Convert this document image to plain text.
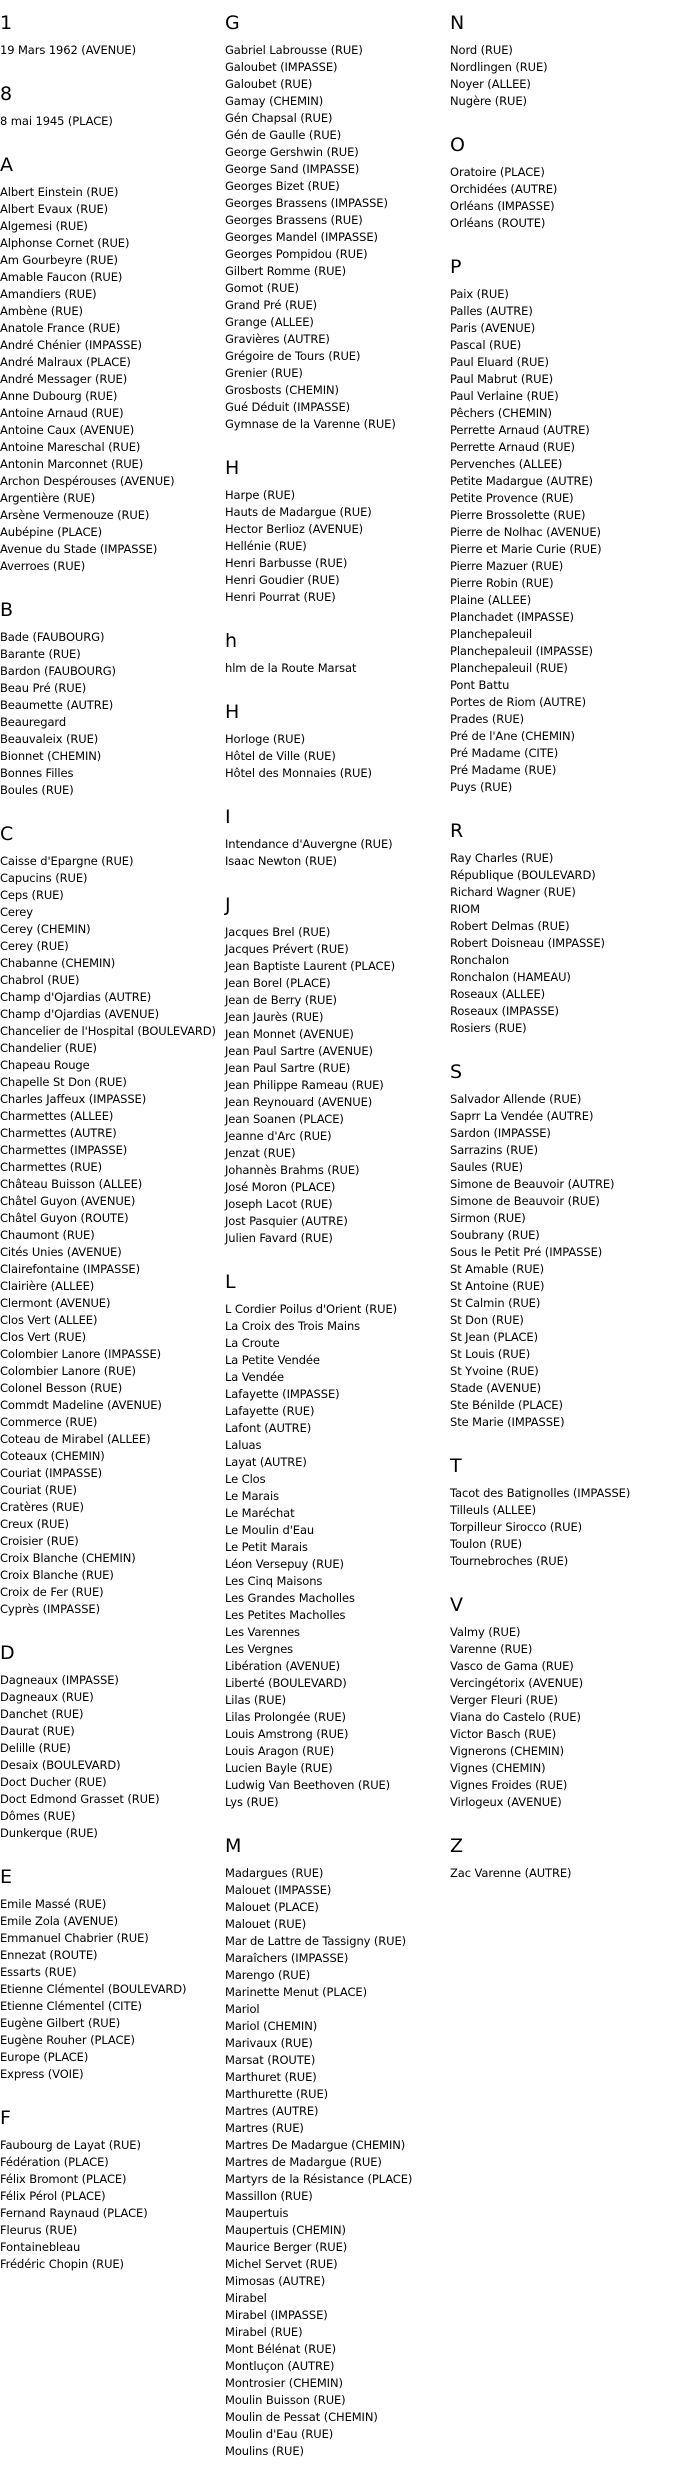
1
19 Mars 1962 (AVENUE)
8
8 mai 1945 (PLACE)
A
Albert Einstein (RUE)
Albert Evaux (RUE)
Algemesi (RUE)
Alphonse Cornet (RUE)
Am Gourbeyre (RUE)
Amable Faucon (RUE)
Amandiers (RUE)
Ambène (RUE)
Anatole France (RUE)
André Chénier (IMPASSE)
André Malraux (PLACE)
André Messager (RUE)
Anne Dubourg (RUE)
Antoine Arnaud (RUE)
Antoine Caux (AVENUE)
Antoine Mareschal (RUE)
Antonin Marconnet (RUE)
Archon Despérouses (AVENUE)
Argentière (RUE)
Arsène Vermenouze (RUE)
Aubépine (PLACE)
Avenue du Stade (IMPASSE)
Averroes (RUE)
B
Bade (FAUBOURG)
Barante (RUE)
Bardon (FAUBOURG)
Beau Pré (RUE)
Beaumette (AUTRE)
Beauregard
Beauvaleix (RUE)
Bionnet (CHEMIN)
Bonnes Filles
Boules (RUE)
C
Caisse d'Epargne (RUE)
Capucins (RUE)
Ceps (RUE)
Cerey
Cerey (CHEMIN)
Cerey (RUE)
Chabanne (CHEMIN)
Chabrol (RUE)
Champ d'Ojardias (AUTRE)
Champ d'Ojardias (AVENUE)
Chancelier de l'Hospital (BOULEVARD)
Chandelier (RUE)
Chapeau Rouge
Chapelle St Don (RUE)
Charles Jaffeux (IMPASSE)
Charmettes (ALLEE)
Charmettes (AUTRE)
Charmettes (IMPASSE)
Charmettes (RUE)
Château Buisson (ALLEE)
Châtel Guyon (AVENUE)
Châtel Guyon (ROUTE)
Chaumont (RUE)
Cités Unies (AVENUE)
Clairefontaine (IMPASSE)
Clairière (ALLEE)
Clermont (AVENUE)
Clos Vert (ALLEE)
Clos Vert (RUE)
Colombier Lanore (IMPASSE)
Colombier Lanore (RUE)
Colonel Besson (RUE)
Commdt Madeline (AVENUE)
Commerce (RUE)
Coteau de Mirabel (ALLEE)
Coteaux (CHEMIN)
Couriat (IMPASSE)
Couriat (RUE)
Cratères (RUE)
Creux (RUE)
Croisier (RUE)
Croix Blanche (CHEMIN)
Croix Blanche (RUE)
Croix de Fer (RUE)
Cyprès (IMPASSE)
D
Dagneaux (IMPASSE)
Dagneaux (RUE)
Danchet (RUE)
Daurat (RUE)
Delille (RUE)
Desaix (BOULEVARD)
Doct Ducher (RUE)
Doct Edmond Grasset (RUE)
Dômes (RUE)
Dunkerque (RUE)
E
Emile Massé (RUE)
Emile Zola (AVENUE)
Emmanuel Chabrier (RUE)
Ennezat (ROUTE)
Essarts (RUE)
Etienne Clémentel (BOULEVARD)
Etienne Clémentel (CITE)
Eugène Gilbert (RUE)
Eugène Rouher (PLACE)
Europe (PLACE)
Express (VOIE)
F
Faubourg de Layat (RUE)
Fédération (PLACE)
Félix Bromont (PLACE)
Félix Pérol (PLACE)
Fernand Raynaud (PLACE)
Fleurus (RUE)
Fontainebleau
Frédéric Chopin (RUE)
G
Gabriel Labrousse (RUE)
Galoubet (IMPASSE)
Galoubet (RUE)
Gamay (CHEMIN)
Gén Chapsal (RUE)
Gén de Gaulle (RUE)
George Gershwin (RUE)
George Sand (IMPASSE)
Georges Bizet (RUE)
Georges Brassens (IMPASSE)
Georges Brassens (RUE)
Georges Mandel (IMPASSE)
Georges Pompidou (RUE)
Gilbert Romme (RUE)
Gomot (RUE)
Grand Pré (RUE)
Grange (ALLEE)
Gravières (AUTRE)
Grégoire de Tours (RUE)
Grenier (RUE)
Grosbosts (CHEMIN)
Gué Déduit (IMPASSE)
Gymnase de la Varenne (RUE)
H
Harpe (RUE)
Hauts de Madargue (RUE)
Hector Berlioz (AVENUE)
Hellénie (RUE)
Henri Barbusse (RUE)
Henri Goudier (RUE)
Henri Pourrat (RUE)
h
hlm de la Route Marsat
H
Horloge (RUE)
Hôtel de Ville (RUE)
Hôtel des Monnaies (RUE)
I
Intendance d'Auvergne (RUE)
Isaac Newton (RUE)
J
Jacques Brel (RUE)
Jacques Prévert (RUE)
Jean Baptiste Laurent (PLACE)
Jean Borel (PLACE)
Jean de Berry (RUE)
Jean Jaurès (RUE)
Jean Monnet (AVENUE)
Jean Paul Sartre (AVENUE)
Jean Paul Sartre (RUE)
Jean Philippe Rameau (RUE)
Jean Reynouard (AVENUE)
Jean Soanen (PLACE)
Jeanne d'Arc (RUE)
Jenzat (RUE)
Johannès Brahms (RUE)
José Moron (PLACE)
Joseph Lacot (RUE)
Jost Pasquier (AUTRE)
Julien Favard (RUE)
L
L Cordier Poilus d'Orient (RUE)
La Croix des Trois Mains
La Croute
La Petite Vendée
La Vendée
Lafayette (IMPASSE)
Lafayette (RUE)
Lafont (AUTRE)
Laluas
Layat (AUTRE)
Le Clos
Le Marais
Le Maréchat
Le Moulin d'Eau
Le Petit Marais
Léon Versepuy (RUE)
Les Cinq Maisons
Les Grandes Macholles
Les Petites Macholles
Les Varennes
Les Vergnes
Libération (AVENUE)
Liberté (BOULEVARD)
Lilas (RUE)
Lilas Prolongée (RUE)
Louis Amstrong (RUE)
Louis Aragon (RUE)
Lucien Bayle (RUE)
Ludwig Van Beethoven (RUE)
Lys (RUE)
M
Madargues (RUE)
Malouet (IMPASSE)
Malouet (PLACE)
Malouet (RUE)
Mar de Lattre de Tassigny (RUE)
Maraîchers (IMPASSE)
Marengo (RUE)
Marinette Menut (PLACE)
Mariol
Mariol (CHEMIN)
Marivaux (RUE)
Marsat (ROUTE)
Marthuret (RUE)
Marthurette (RUE)
Martres (AUTRE)
Martres (RUE)
Martres De Madargue (CHEMIN)
Martres de Madargue (RUE)
Martyrs de la Résistance (PLACE)
Massillon (RUE)
Maupertuis
Maupertuis (CHEMIN)
Maurice Berger (RUE)
Michel Servet (RUE)
Mimosas (AUTRE)
Mirabel
Mirabel (IMPASSE)
Mirabel (RUE)
Mont Bélénat (RUE)
Montluçon (AUTRE)
Montrosier (CHEMIN)
Moulin Buisson (RUE)
Moulin de Pessat (CHEMIN)
Moulin d'Eau (RUE)
Moulins (RUE)
N
Nord (RUE)
Nordlingen (RUE)
Noyer (ALLEE)
Nugère (RUE)
O
Oratoire (PLACE)
Orchidées (AUTRE)
Orléans (IMPASSE)
Orléans (ROUTE)
P
Paix (RUE)
Palles (AUTRE)
Paris (AVENUE)
Pascal (RUE)
Paul Eluard (RUE)
Paul Mabrut (RUE)
Paul Verlaine (RUE)
Pêchers (CHEMIN)
Perrette Arnaud (AUTRE)
Perrette Arnaud (RUE)
Pervenches (ALLEE)
Petite Madargue (AUTRE)
Petite Provence (RUE)
Pierre Brossolette (RUE)
Pierre de Nolhac (AVENUE)
Pierre et Marie Curie (RUE)
Pierre Mazuer (RUE)
Pierre Robin (RUE)
Plaine (ALLEE)
Planchadet (IMPASSE)
Planchepaleuil
Planchepaleuil (IMPASSE)
Planchepaleuil (RUE)
Pont Battu
Portes de Riom (AUTRE)
Prades (RUE)
Pré de l'Ane (CHEMIN)
Pré Madame (CITE)
Pré Madame (RUE)
Puys (RUE)
R
Ray Charles (RUE)
République (BOULEVARD)
Richard Wagner (RUE)
RIOM
Robert Delmas (RUE)
Robert Doisneau (IMPASSE)
Ronchalon
Ronchalon (HAMEAU)
Roseaux (ALLEE)
Roseaux (IMPASSE)
Rosiers (RUE)
S
Salvador Allende (RUE)
Saprr La Vendée (AUTRE)
Sardon (IMPASSE)
Sarrazins (RUE)
Saules (RUE)
Simone de Beauvoir (AUTRE)
Simone de Beauvoir (RUE)
Sirmon (RUE)
Soubrany (RUE)
Sous le Petit Pré (IMPASSE)
St Amable (RUE)
St Antoine (RUE)
St Calmin (RUE)
St Don (RUE)
St Jean (PLACE)
St Louis (RUE)
St Yvoine (RUE)
Stade (AVENUE)
Ste Bénilde (PLACE)
Ste Marie (IMPASSE)
T
Tacot des Batignolles (IMPASSE)
Tilleuls (ALLEE)
Torpilleur Sirocco (RUE)
Toulon (RUE)
Tournebroches (RUE)
V
Valmy (RUE)
Varenne (RUE)
Vasco de Gama (RUE)
Vercingétorix (AVENUE)
Verger Fleuri (RUE)
Viana do Castelo (RUE)
Victor Basch (RUE)
Vignerons (CHEMIN)
Vignes (CHEMIN)
Vignes Froides (RUE)
Virlogeux (AVENUE)
Z
Zac Varenne (AUTRE)
